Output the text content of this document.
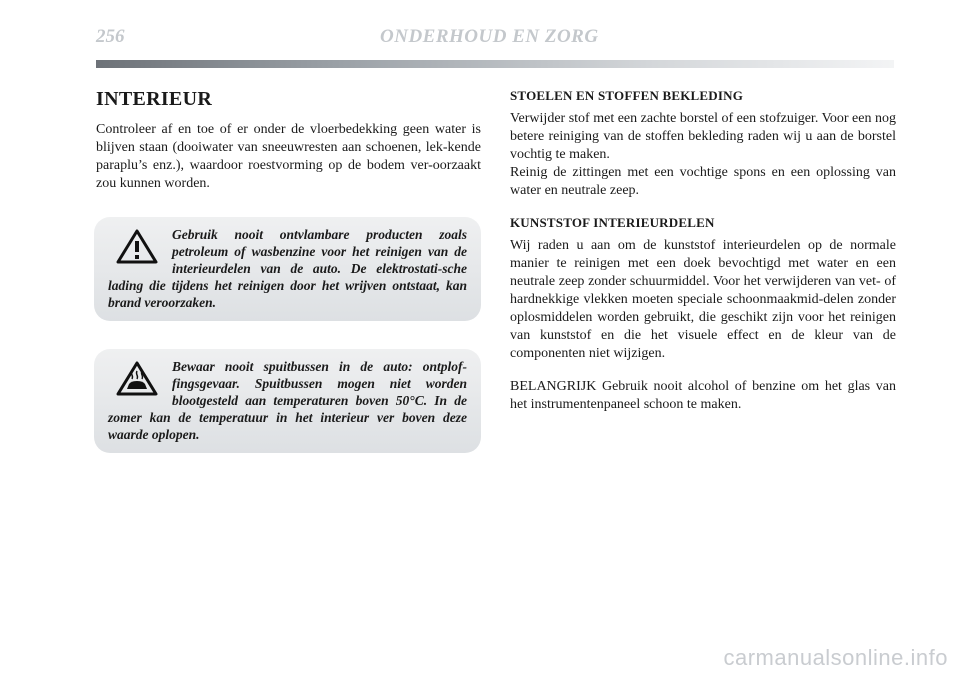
256	ONDERHOUD EN ZORG
INTERIEUR

Controleer af en toe of er onder de vloerbedekking geen water is blijven staan (dooiwater van sneeuwresten aan schoenen, lek-kende paraplu’s enz.), waardoor roestvorming op de bodem ver-oorzaakt zou kunnen worden.

Gebruik nooit ontvlambare producten zoals petroleum of wasbenzine voor het reinigen van de interieurdelen van de auto. De elektrostati-sche lading die tijdens het reinigen door het wrijven ontstaat, kan brand veroorzaken.

Bewaar nooit spuitbussen in de auto: ontplof-fingsgevaar. Spuitbussen mogen niet worden blootgesteld aan temperaturen boven 50°C. In de zomer kan de temperatuur in het interieur ver boven deze waarde oplopen.

STOELEN EN STOFFEN BEKLEDING

Verwijder stof met een zachte borstel of een stofzuiger. Voor een nog betere reiniging van de stoffen bekleding raden wij u aan de borstel vochtig te maken.

Reinig de zittingen met een vochtige spons en een oplossing van water en neutrale zeep.

KUNSTSTOF INTERIEURDELEN

Wij raden u aan om de kunststof interieurdelen op de normale manier te reinigen met een doek bevochtigd met water en een neutrale zeep zonder schuurmiddel. Voor het verwijderen van vet- of hardnekkige vlekken moeten speciale schoonmaakmid-delen zonder oplosmiddelen worden gebruikt, die geschikt zijn voor het reinigen van kunststof en die het visuele effect en de kleur van de componenten niet wijzigen.

BELANGRIJK Gebruik nooit alcohol of benzine om het glas van het instrumentenpaneel schoon te maken.

carmanualsonline.info
